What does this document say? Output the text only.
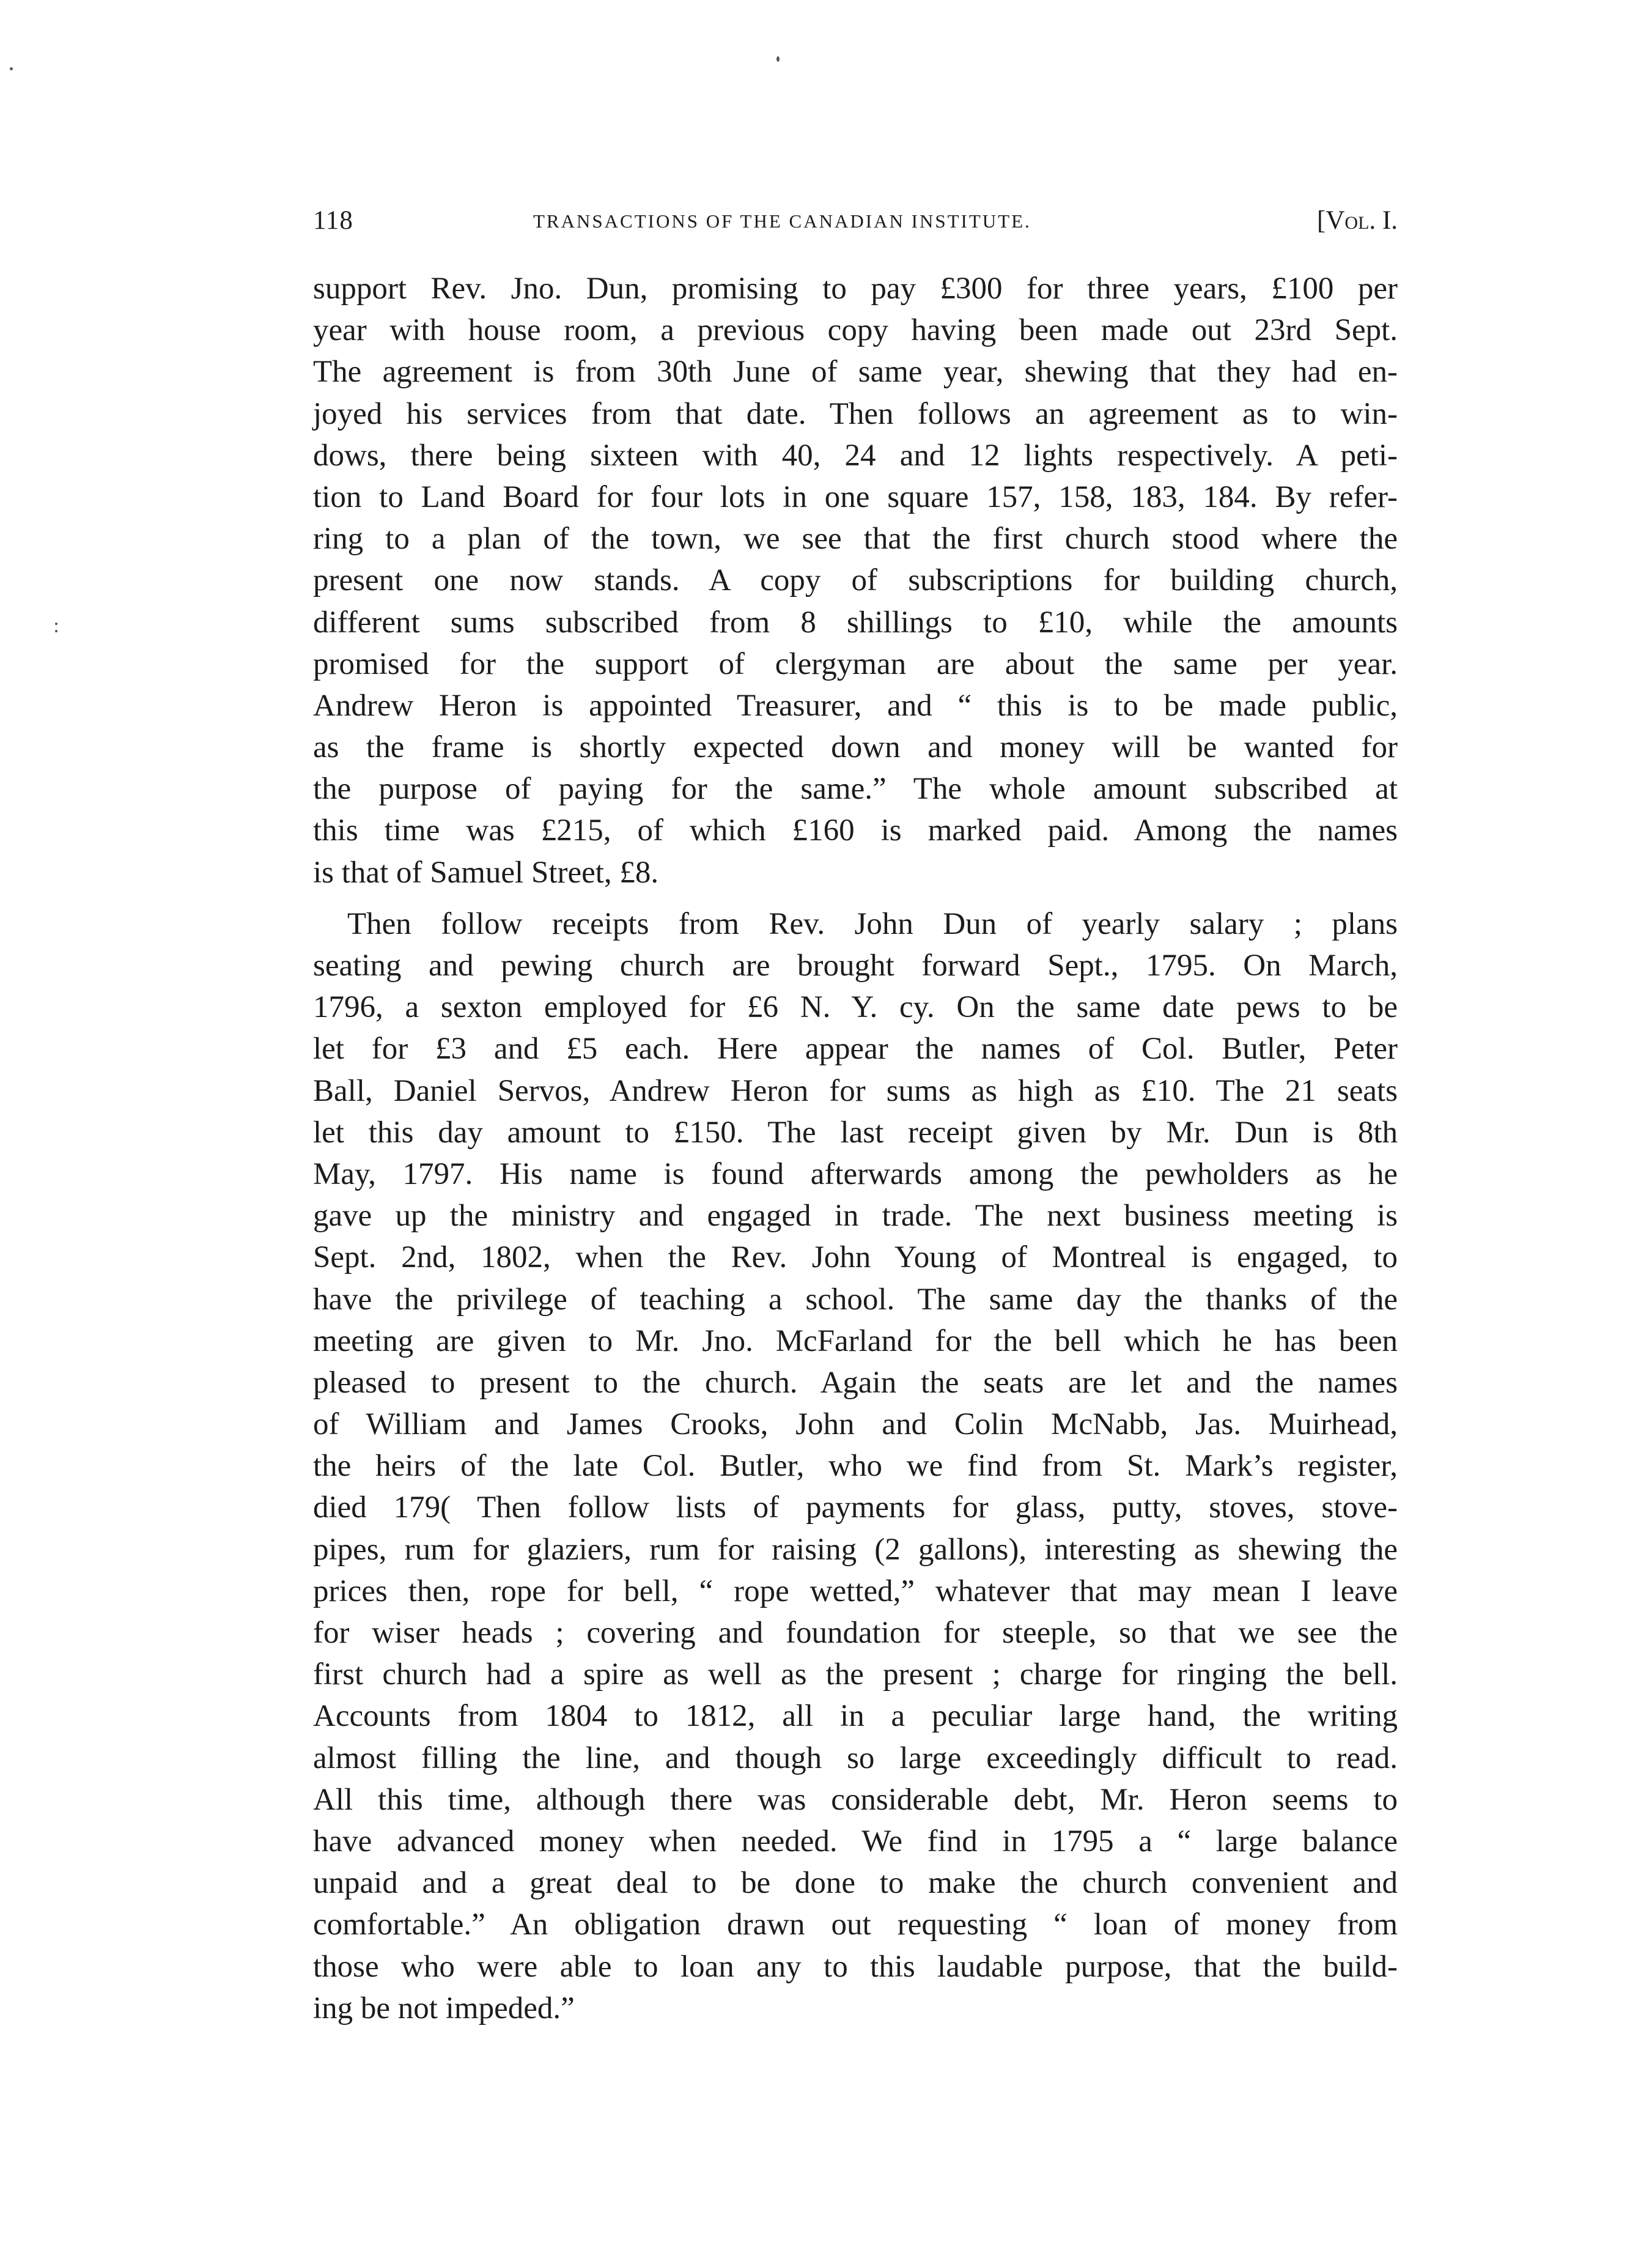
118	TRANSACTIONS OF THE CANADIAN INSTITUTE.	[Vol. I.
support Rev. Jno. Dun, promising to pay £300 for three years, £100 per
year with house room, a previous copy having been made out 23rd Sept.
The agreement is from 30th June of same year, shewing that they had en-
joyed his services from that date. Then follows an agreement as to win-
dows, there being sixteen with 40, 24 and 12 lights respectively. A peti-
tion to Land Board for four lots in one square 157, 158, 183, 184. By refer-
ring to a plan of the town, we see that the first church stood where the
present one now stands. A copy of subscriptions for building church,
different sums subscribed from 8 shillings to £10, while the amounts
promised for the support of clergyman are about the same per year.
Andrew Heron is appointed Treasurer, and “ this is to be made public,
as the frame is shortly expected down and money will be wanted for
the purpose of paying for the same.” The whole amount subscribed at
this time was £215, of which £160 is marked paid. Among the names
is that of Samuel Street, £8.
Then follow receipts from Rev. John Dun of yearly salary ; plans
seating and pewing church are brought forward Sept., 1795. On March,
1796, a sexton employed for £6 N. Y. cy. On the same date pews to be
let for £3 and £5 each. Here appear the names of Col. Butler, Peter
Ball, Daniel Servos, Andrew Heron for sums as high as £10. The 21 seats
let this day amount to £150. The last receipt given by Mr. Dun is 8th
May, 1797. His name is found afterwards among the pewholders as he
gave up the ministry and engaged in trade. The next business meeting is
Sept. 2nd, 1802, when the Rev. John Young of Montreal is engaged, to
have the privilege of teaching a school. The same day the thanks of the
meeting are given to Mr. Jno. McFarland for the bell which he has been
pleased to present to the church. Again the seats are let and the names
of William and James Crooks, John and Colin McNabb, Jas. Muirhead,
the heirs of the late Col. Butler, who we find from St. Mark’s register,
died 179( Then follow lists of payments for glass, putty, stoves, stove-
pipes, rum for glaziers, rum for raising (2 gallons), interesting as shewing the
prices then, rope for bell, “ rope wetted,” whatever that may mean I leave
for wiser heads ; covering and foundation for steeple, so that we see the
first church had a spire as well as the present ; charge for ringing the bell.
Accounts from 1804 to 1812, all in a peculiar large hand, the writing
almost filling the line, and though so large exceedingly difficult to read.
All this time, although there was considerable debt, Mr. Heron seems to
have advanced money when needed. We find in 1795 a “ large balance
unpaid and a great deal to be done to make the church convenient and
comfortable.” An obligation drawn out requesting “ loan of money from
those who were able to loan any to this laudable purpose, that the build-
ing be not impeded.”
